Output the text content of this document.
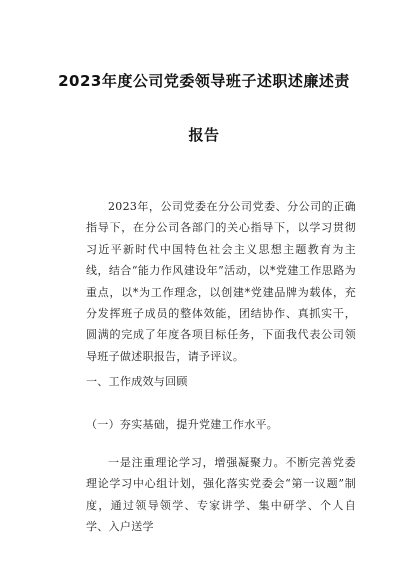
2023年度公司党委领导班子述职述廉述责
报告
2023年，公司党委在分公司党委、分公司的正确指导下，在分公司各部门的关心指导下，以学习贯彻习近平新时代中国特色社会主义思想主题教育为主线，结合“能力作风建设年”活动，以*党建工作思路为重点，以*为工作理念，以创建*党建品牌为载体，充分发挥班子成员的整体效能，团结协作、真抓实干，圆满的完成了年度各项目标任务，下面我代表公司领导班子做述职报告，请予评议。
一、工作成效与回顾
（一）夯实基础，提升党建工作水平。
一是注重理论学习，增强凝聚力。不断完善党委理论学习中心组计划，强化落实党委会“第一议题”制度，通过领导领学、专家讲学、集中研学、个人自学、入户送学
